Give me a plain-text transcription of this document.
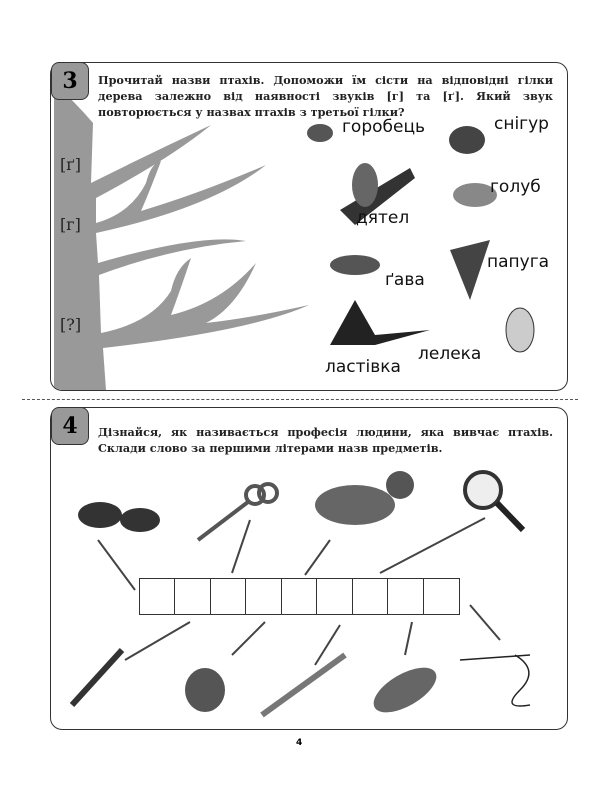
3	Прочитай назви птахів. Допоможи їм сісти на відповідні гілки дерева залежно від наявності звуків [г] та [ґ]. Який звук повторюється у назвах птахів з третьої гілки?
[ґ]
[г]
[?]
горобець	снігур
дятел
голуб
ґава
папуга
ластівка
лелека
4	Дізнайся, як називається професія людини, яка вивчає птахів. Склади слово за першими літерами назв предметів.
4
